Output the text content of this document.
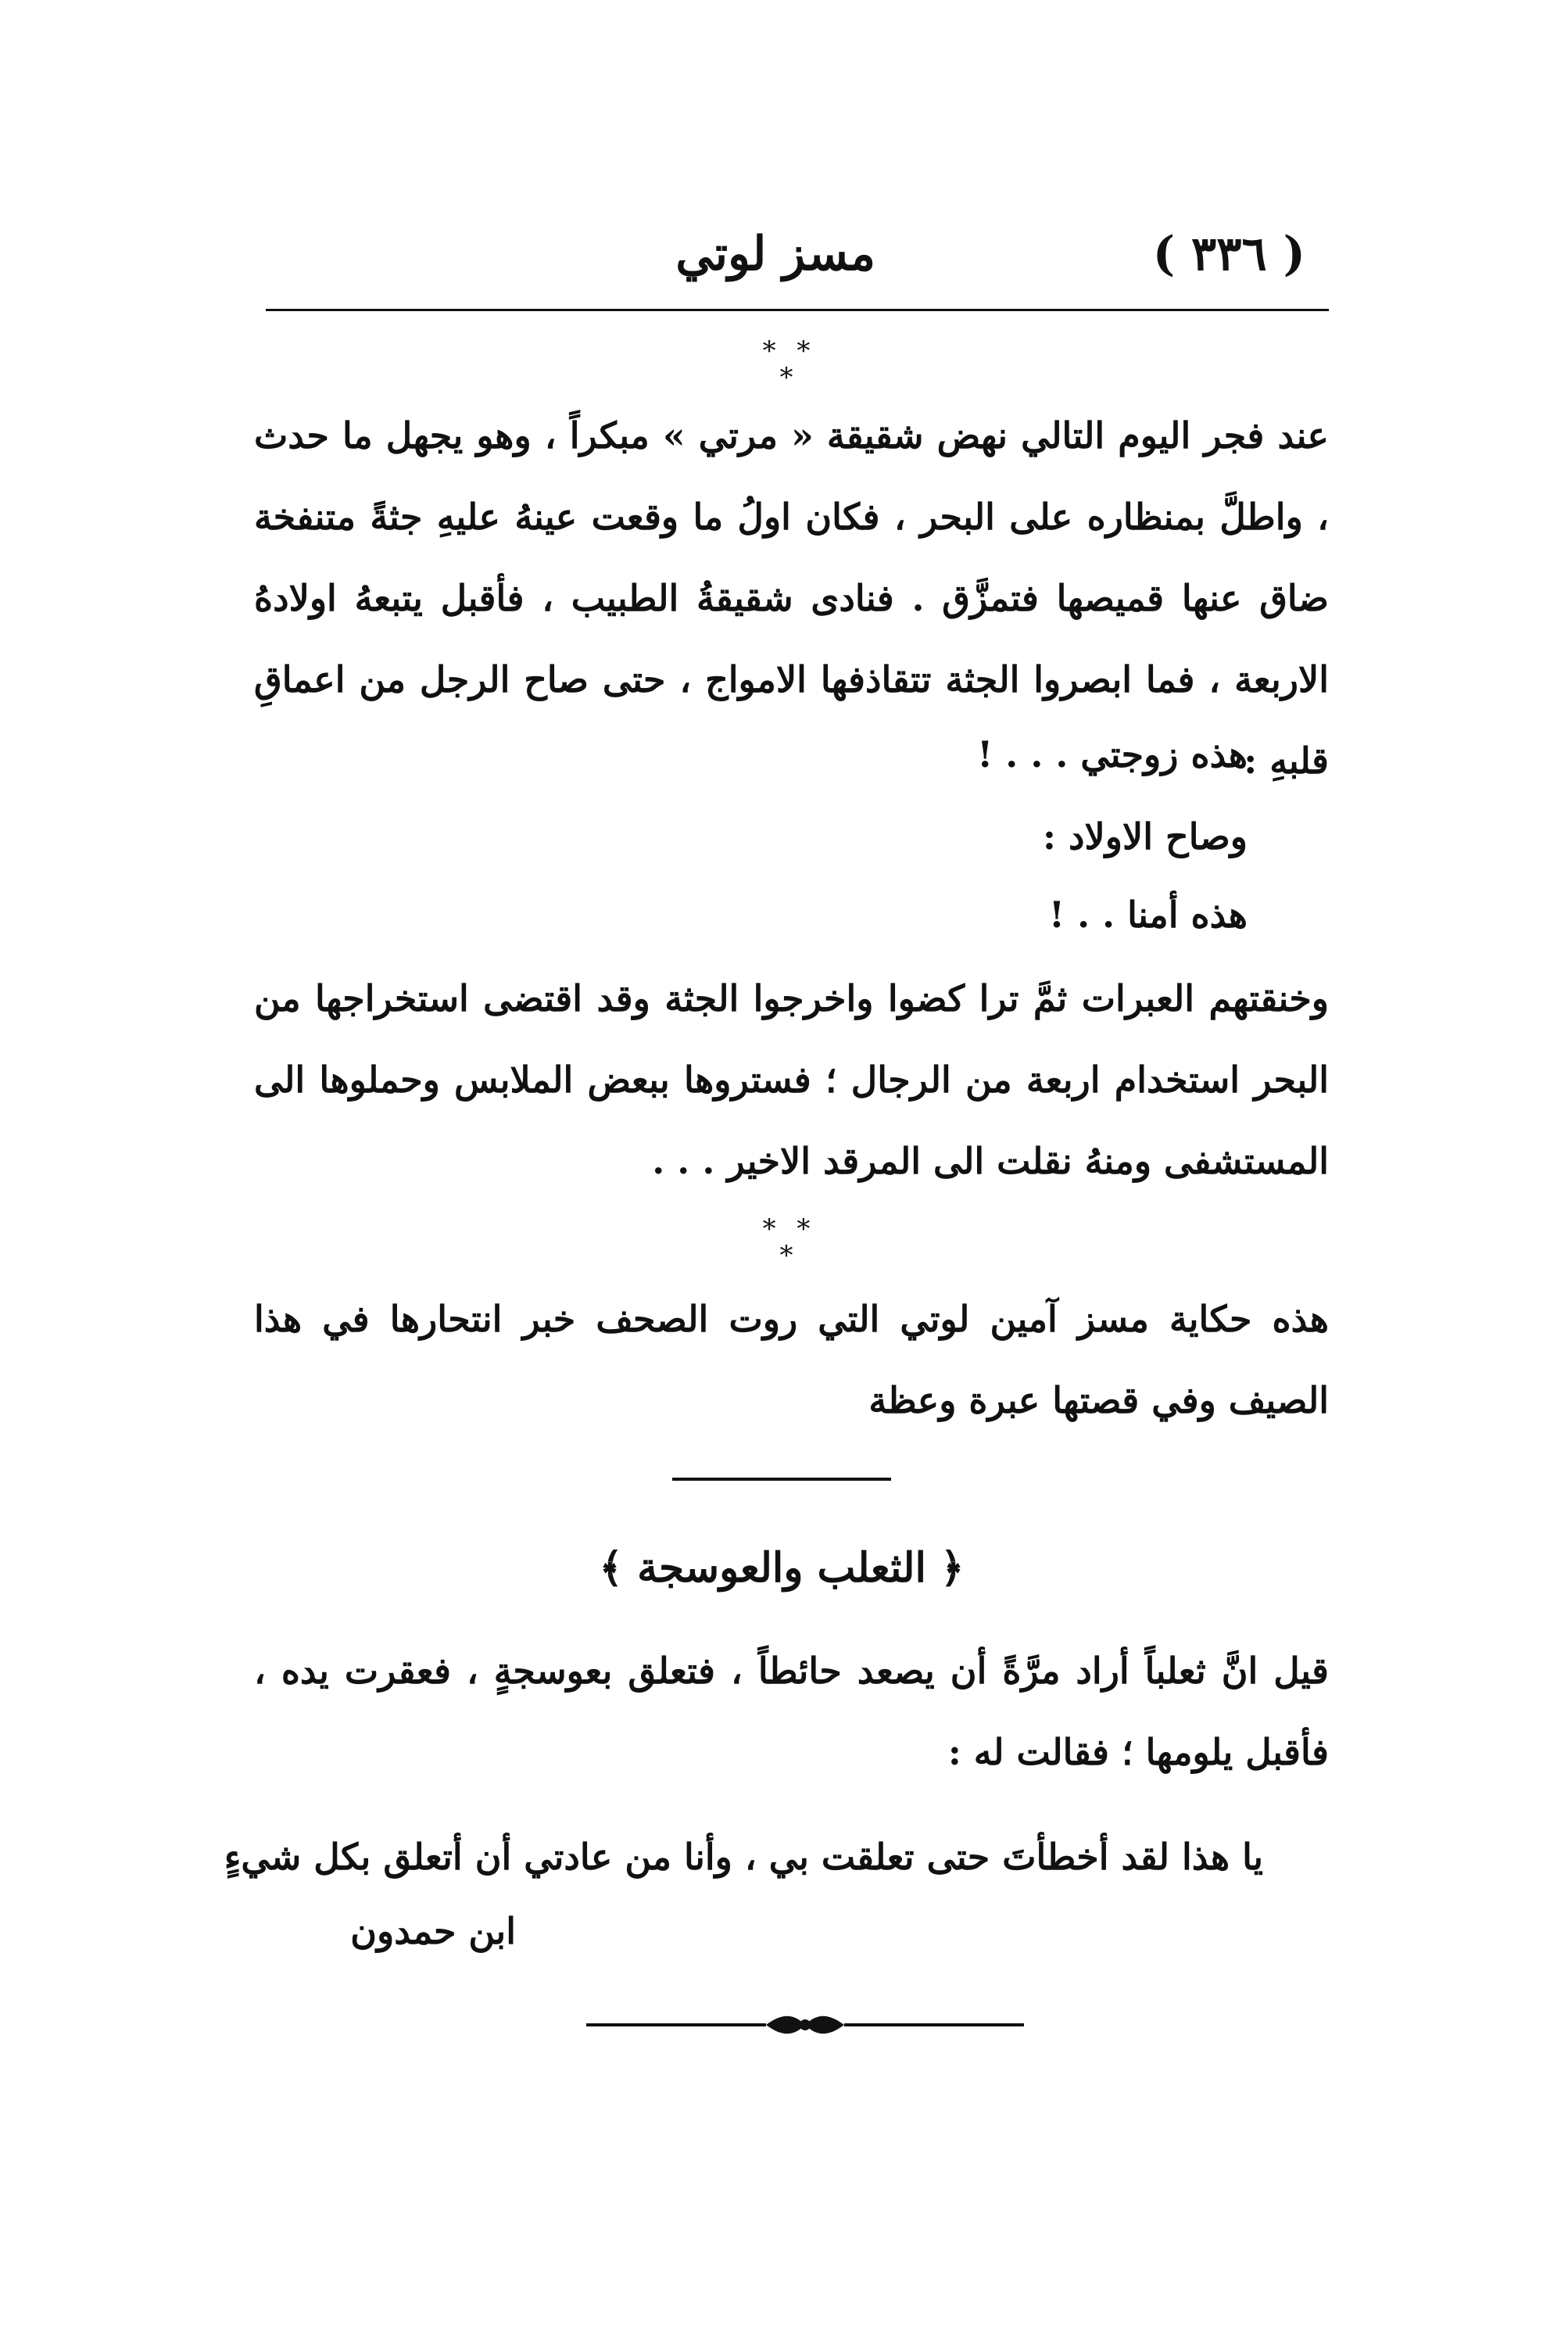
( ٣٣٦ )
مسز لوتي
* * *
عند فجر اليوم التالي نهض شقيقة « مرتي » مبكراً ، وهو يجهل ما حدث ، واطلَّ بمنظاره على البحر ، فكان اولُ ما وقعت عينهُ عليهِ جثةً متنفخة ضاق عنها قميصها فتمزَّق . فنادى شقيقةُ الطبيب ، فأقبل يتبعهُ اولادهُ الاربعة ، فما ابصروا الجثة تتقاذفها الامواج ، حتى صاح الرجل من اعماقِ قلبهِ :
هذه زوجتي . . . !
وصاح الاولاد :
هذه أمنا . . !
وخنقتهم العبرات ثمَّ ترا كضوا واخرجوا الجثة وقد اقتضى استخراجها من البحر استخدام اربعة من الرجال ؛ فستروها ببعض الملابس وحملوها الى المستشفى ومنهُ نقلت الى المرقد الاخير . . .
* * *
هذه حكاية مسز آمين لوتي التي روت الصحف خبر انتحارها في هذا الصيف وفي قصتها عبرة وعظة
﴿ الثعلب والعوسجة ﴾
قيل انَّ ثعلباً أراد مرَّةً أن يصعد حائطاً ، فتعلق بعوسجةٍ ، فعقرت يده ، فأقبل يلومها ؛ فقالت له :
يا هذا لقد أخطأتَ حتى تعلقت بي ، وأنا من عادتي أن أتعلق بكل شيءٍ
ابن حمدون
